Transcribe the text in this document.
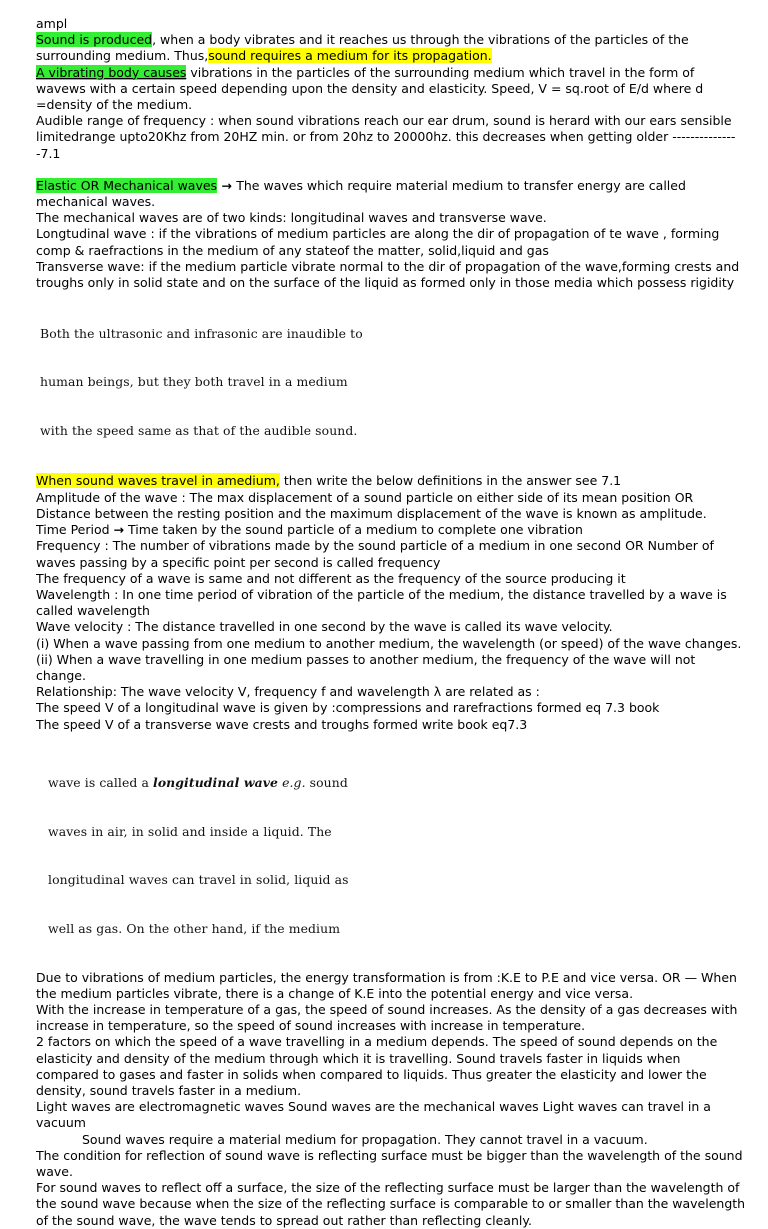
ampl

Sound is produced, when a body vibrates and it reaches us through the vibrations of the particles of the surrounding medium. Thus,sound requires a medium for its propagation.

A vibrating body causes vibrations in the particles of the surrounding medium which travel in the form of wavews with a certain speed depending upon the density and elasticity. Speed, V = sq.root of E/d where d =density of the medium.

Audible range of frequency : when sound vibrations reach our ear drum, sound is herard with our ears sensible limitedrange upto20Khz from 20HZ min. or from 20hz to 20000hz. this decreases when getting older ---------------7.1

Elastic OR Mechanical waves → The waves which require material medium to transfer energy are called mechanical waves.

The mechanical waves are of two kinds: longitudinal waves and transverse wave.

Longtudinal wave : if the vibrations of medium particles are along the dir of propagation of te wave , forming comp & raefractions in the medium of any stateof the matter, solid,liquid and gas

Transverse wave: if the medium particle vibrate normal to the dir of propagation of the wave,forming crests and troughs only in solid state and on the surface of the liquid as formed only in those media which possess rigidity

Both the ultrasonic and infrasonic are inaudible to

human beings, but they both travel in a medium

with the speed same as that of the audible sound.

When sound waves travel in amedium, then write the below definitions in the answer see 7.1

Amplitude of the wave : The max displacement of a sound particle on either side of its mean position OR Distance between the resting position and the maximum displacement of the wave is known as amplitude.

Time Period → Time taken by the sound particle of a medium to complete one vibration

Frequency : The number of vibrations made by the sound particle of a medium in one second OR Number of waves passing by a specific point per second is called frequency

The frequency of a wave is same and not different as the frequency of the source producing it

Wavelength : In one time period of vibration of the particle of the medium, the distance travelled by a wave is called wavelength

Wave velocity : The distance travelled in one second by the wave is called its wave velocity.

(i) When a wave passing from one medium to another medium, the wavelength (or speed) of the wave changes.

(ii) When a wave travelling in one medium passes to another medium, the frequency of the wave will not change.

Relationship: The wave velocity V, frequency f and wavelength λ are related as :

The speed V of a longitudinal wave is given by :compressions and rarefractions formed eq 7.3 book

The speed V of a transverse wave crests and troughs formed write book eq7.3

wave is called a longitudinal wave e.g. sound

waves in air, in solid and inside a liquid. The

longitudinal waves can travel in solid, liquid as

well as gas. On the other hand, if the medium

Due to vibrations of medium particles, the energy transformation is from :K.E to P.E and vice versa. OR — When the medium particles vibrate, there is a change of K.E into the potential energy and vice versa.

With the increase in temperature of a gas, the speed of sound increases. As the density of a gas decreases with increase in temperature, so the speed of sound increases with increase in temperature.

2 factors on which the speed of a wave travelling in a medium depends. The speed of sound depends on the elasticity and density of the medium through which it is travelling. Sound travels faster in liquids when compared to gases and faster in solids when compared to liquids. Thus greater the elasticity and lower the density, sound travels faster in a medium.

Light waves are electromagnetic waves Sound waves are the mechanical waves Light waves can travel in a vacuum

Sound waves require a material medium for propagation. They cannot travel in a vacuum.

The condition for reflection of sound wave is reflecting surface must be bigger than the wavelength of the sound wave.

For sound waves to reflect off a surface, the size of the reflecting surface must be larger than the wavelength of the sound wave because when the size of the reflecting surface is comparable to or smaller than the wavelength of the sound wave, the wave tends to spread out rather than reflecting cleanly.
